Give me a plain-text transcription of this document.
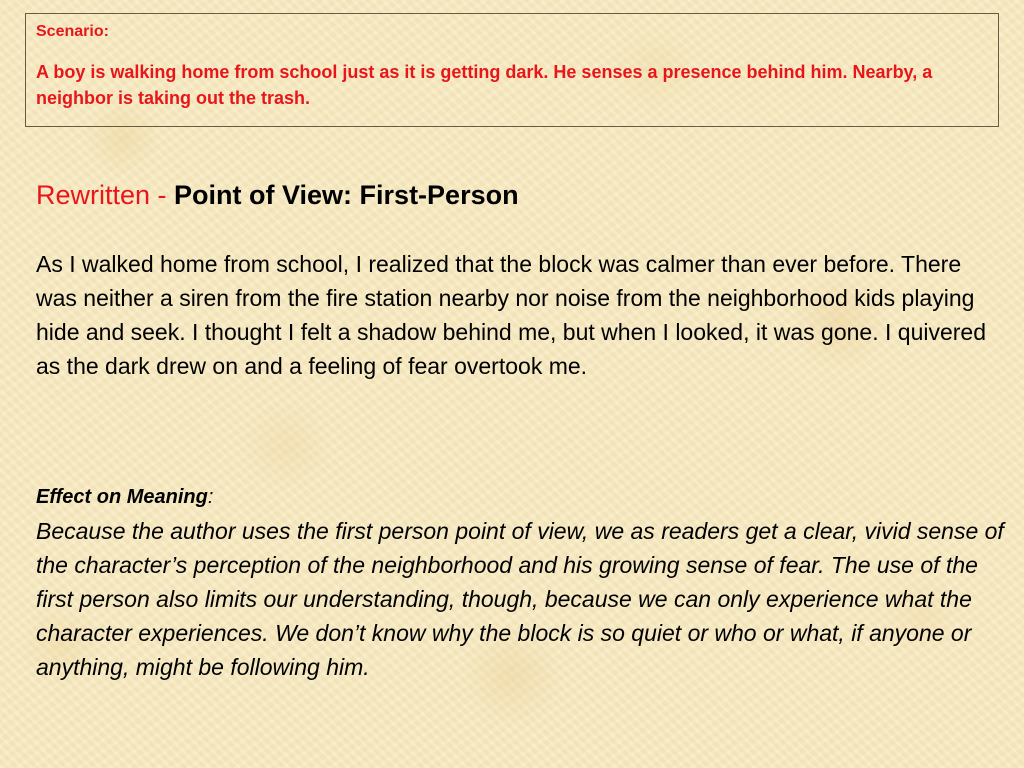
Scenario:

A boy is walking home from school just as it is getting dark. He senses a presence behind him. Nearby, a neighbor is taking out the trash.

Rewritten - Point of View: First-Person

As I walked home from school, I realized that the block was calmer than ever before. There was neither a siren from the fire station nearby nor noise from the neighborhood kids playing hide and seek. I thought I felt a shadow behind me, but when I looked, it was gone. I quivered as the dark drew on and a feeling of fear overtook me.

Effect on Meaning:
Because the author uses the first person point of view, we as readers get a clear, vivid sense of the character’s perception of the neighborhood and his growing sense of fear. The use of the first person also limits our understanding, though, because we can only experience what the character experiences. We don’t know why the block is so quiet or who or what, if anyone or anything, might be following him.
